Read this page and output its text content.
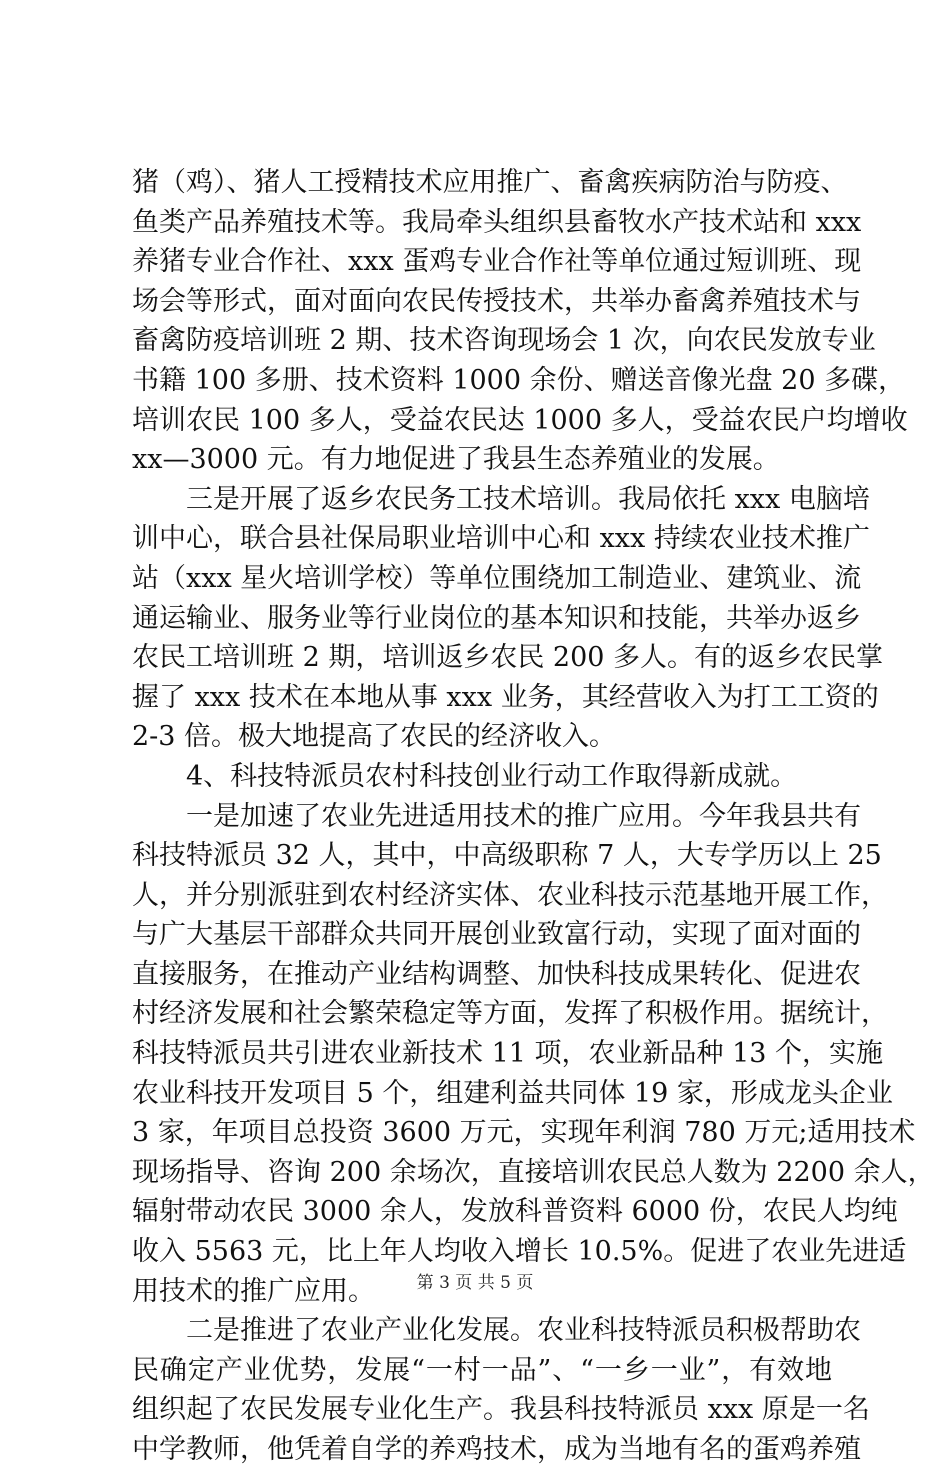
猪（鸡）、猪人工授精技术应用推广、畜禽疾病防治与防疫、
鱼类产品养殖技术等。我局牵头组织县畜牧水产技术站和 xxx
养猪专业合作社、xxx 蛋鸡专业合作社等单位通过短训班、现
场会等形式，面对面向农民传授技术，共举办畜禽养殖技术与
畜禽防疫培训班 2 期、技术咨询现场会 1 次，向农民发放专业
书籍 100 多册、技术资料 1000 余份、赠送音像光盘 20 多碟，
培训农民 100 多人，受益农民达 1000 多人，受益农民户均增收
xx—3000 元。有力地促进了我县生态养殖业的发展。
　　三是开展了返乡农民务工技术培训。我局依托 xxx 电脑培
训中心，联合县社保局职业培训中心和 xxx 持续农业技术推广
站（xxx 星火培训学校）等单位围绕加工制造业、建筑业、流
通运输业、服务业等行业岗位的基本知识和技能，共举办返乡
农民工培训班 2 期，培训返乡农民 200 多人。有的返乡农民掌
握了 xxx 技术在本地从事 xxx 业务，其经营收入为打工工资的
2-3 倍。极大地提高了农民的经济收入。
　　4、科技特派员农村科技创业行动工作取得新成就。
　　一是加速了农业先进适用技术的推广应用。今年我县共有
科技特派员 32 人，其中，中高级职称 7 人，大专学历以上 25
人，并分别派驻到农村经济实体、农业科技示范基地开展工作，
与广大基层干部群众共同开展创业致富行动，实现了面对面的
直接服务，在推动产业结构调整、加快科技成果转化、促进农
村经济发展和社会繁荣稳定等方面，发挥了积极作用。据统计，
科技特派员共引进农业新技术 11 项，农业新品种 13 个，实施
农业科技开发项目 5 个，组建利益共同体 19 家，形成龙头企业
3 家，年项目总投资 3600 万元，实现年利润 780 万元;适用技术
现场指导、咨询 200 余场次，直接培训农民总人数为 2200 余人，
辐射带动农民 3000 余人，发放科普资料 6000 份，农民人均纯
收入 5563 元，比上年人均收入增长 10.5%。促进了农业先进适
用技术的推广应用。
　　二是推进了农业产业化发展。农业科技特派员积极帮助农
民确定产业优势，发展“一村一品”、“一乡一业”，有效地
组织起了农民发展专业化生产。我县科技特派员 xxx 原是一名
中学教师，他凭着自学的养鸡技术，成为当地有名的蛋鸡养殖
第 3 页 共 5 页
